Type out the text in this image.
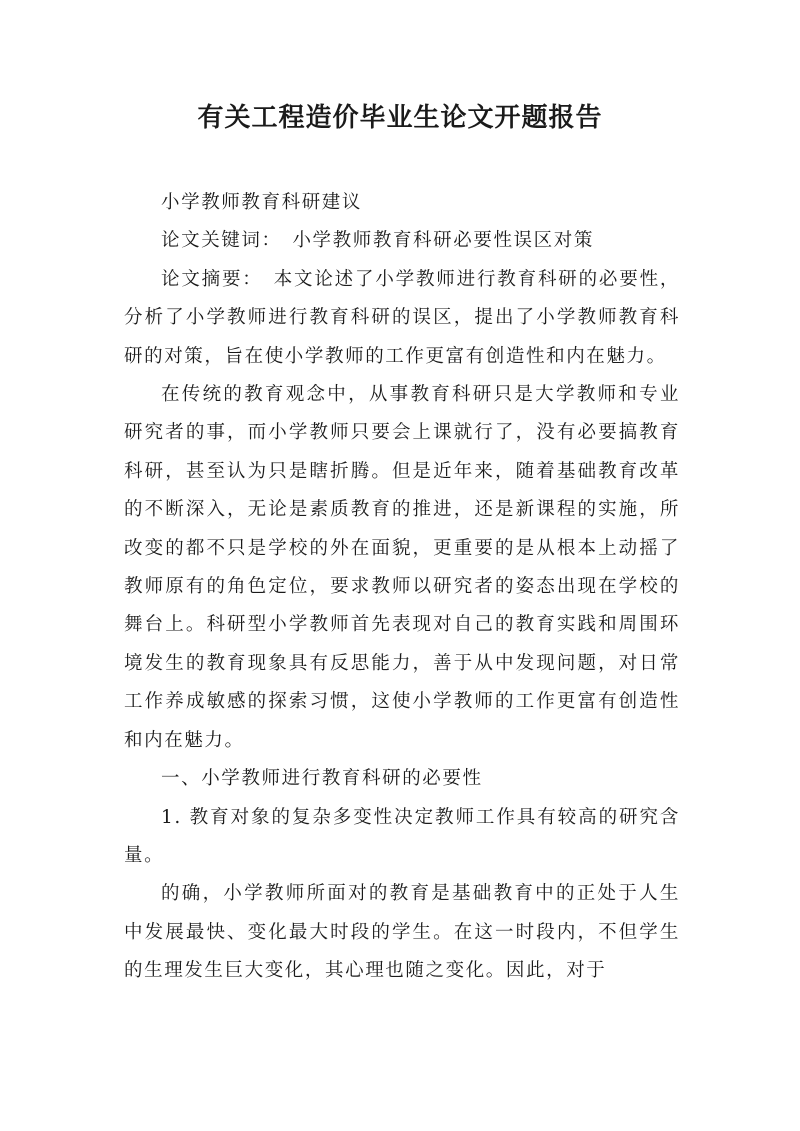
有关工程造价毕业生论文开题报告

小学教师教育科研建议

论文关键词：　小学教师教育科研必要性误区对策

论文摘要：　本文论述了小学教师进行教育科研的必要性，分析了小学教师进行教育科研的误区，提出了小学教师教育科研的对策，旨在使小学教师的工作更富有创造性和内在魅力。

在传统的教育观念中，从事教育科研只是大学教师和专业研究者的事，而小学教师只要会上课就行了，没有必要搞教育科研，甚至认为只是瞎折腾。但是近年来，随着基础教育改革的不断深入，无论是素质教育的推进，还是新课程的实施，所改变的都不只是学校的外在面貌，更重要的是从根本上动摇了教师原有的角色定位，要求教师以研究者的姿态出现在学校的舞台上。科研型小学教师首先表现对自己的教育实践和周围环境发生的教育现象具有反思能力，善于从中发现问题，对日常工作养成敏感的探索习惯，这使小学教师的工作更富有创造性和内在魅力。

一、小学教师进行教育科研的必要性

1. 教育对象的复杂多变性决定教师工作具有较高的研究含量。

的确，小学教师所面对的教育是基础教育中的正处于人生中发展最快、变化最大时段的学生。在这一时段内，不但学生的生理发生巨大变化，其心理也随之变化。因此，对于
